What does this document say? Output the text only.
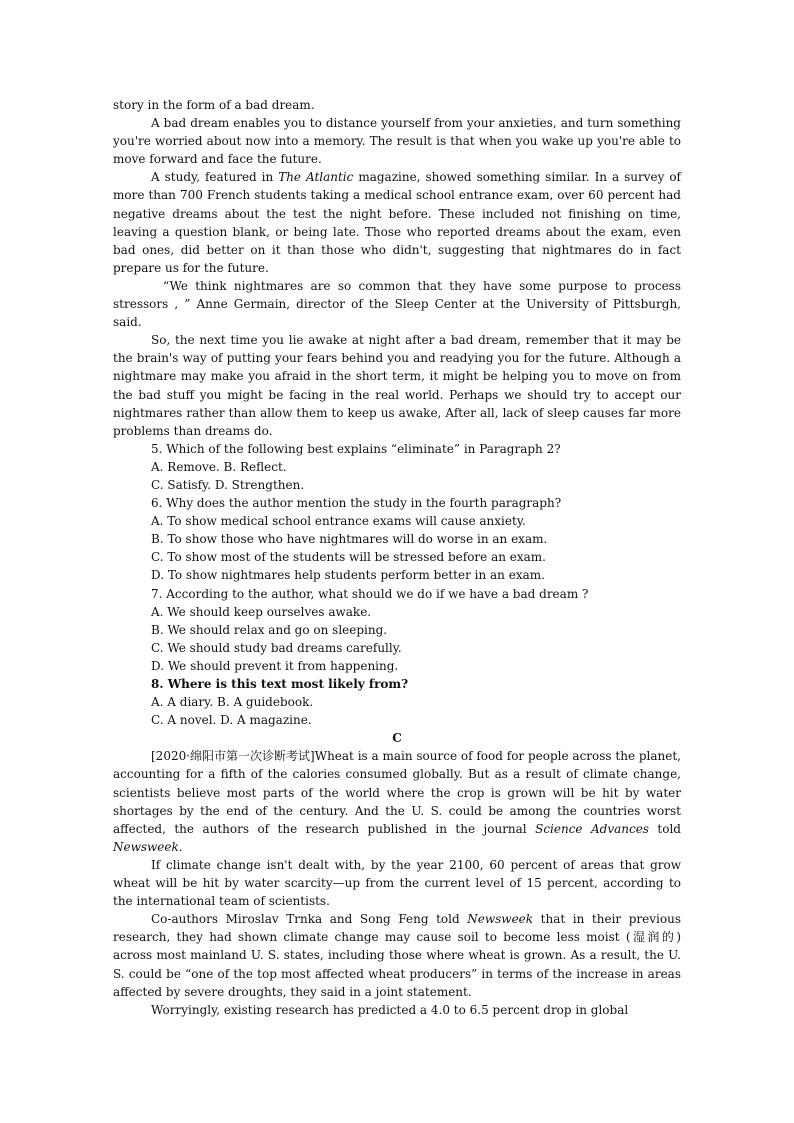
story in the form of a bad dream.

A bad dream enables you to distance yourself from your anxieties, and turn something you're worried about now into a memory. The result is that when you wake up you're able to move forward and face the future.

A study, featured in The Atlantic magazine, showed something similar. In a survey of more than 700 French students taking a medical school entrance exam, over 60 percent had negative dreams about the test the night before. These included not finishing on time, leaving a question blank, or being late. Those who reported dreams about the exam, even bad ones, did better on it than those who didn't, suggesting that nightmares do in fact prepare us for the future.

“We think nightmares are so common that they have some purpose to process stressors , ” Anne Germain, director of the Sleep Center at the University of Pittsburgh, said.

So, the next time you lie awake at night after a bad dream, remember that it may be the brain's way of putting your fears behind you and readying you for the future. Although a nightmare may make you afraid in the short term, it might be helping you to move on from the bad stuff you might be facing in the real world. Perhaps we should try to accept our nightmares rather than allow them to keep us awake, After all, lack of sleep causes far more problems than dreams do.

5. Which of the following best explains “eliminate” in Paragraph 2?

A. Remove. B. Reflect.

C. Satisfy. D. Strengthen.

6. Why does the author mention the study in the fourth paragraph?

A. To show medical school entrance exams will cause anxiety.

B. To show those who have nightmares will do worse in an exam.

C. To show most of the students will be stressed before an exam.

D. To show nightmares help students perform better in an exam.

7. According to the author, what should we do if we have a bad dream ?

A. We should keep ourselves awake.

B. We should relax and go on sleeping.

C. We should study bad dreams carefully.

D. We should prevent it from happening.

8. Where is this text most likely from?

A. A diary. B. A guidebook.

C. A novel. D. A magazine.

C

[2020·绵阳市第一次诊断考试]Wheat is a main source of food for people across the planet, accounting for a fifth of the calories consumed globally. But as a result of climate change, scientists believe most parts of the world where the crop is grown will be hit by water shortages by the end of the century. And the U. S. could be among the countries worst affected, the authors of the research published in the journal Science Advances told Newsweek.

If climate change isn't dealt with, by the year 2100, 60 percent of areas that grow wheat will be hit by water scarcity—up from the current level of 15 percent, according to the international team of scientists.

Co-authors Miroslav Trnka and Song Feng told Newsweek that in their previous research, they had shown climate change may cause soil to become less moist (湿润的) across most mainland U. S. states, including those where wheat is grown. As a result, the U. S. could be “one of the top most affected wheat producers” in terms of the increase in areas affected by severe droughts, they said in a joint statement.

Worryingly, existing research has predicted a 4.0 to 6.5 percent drop in global
